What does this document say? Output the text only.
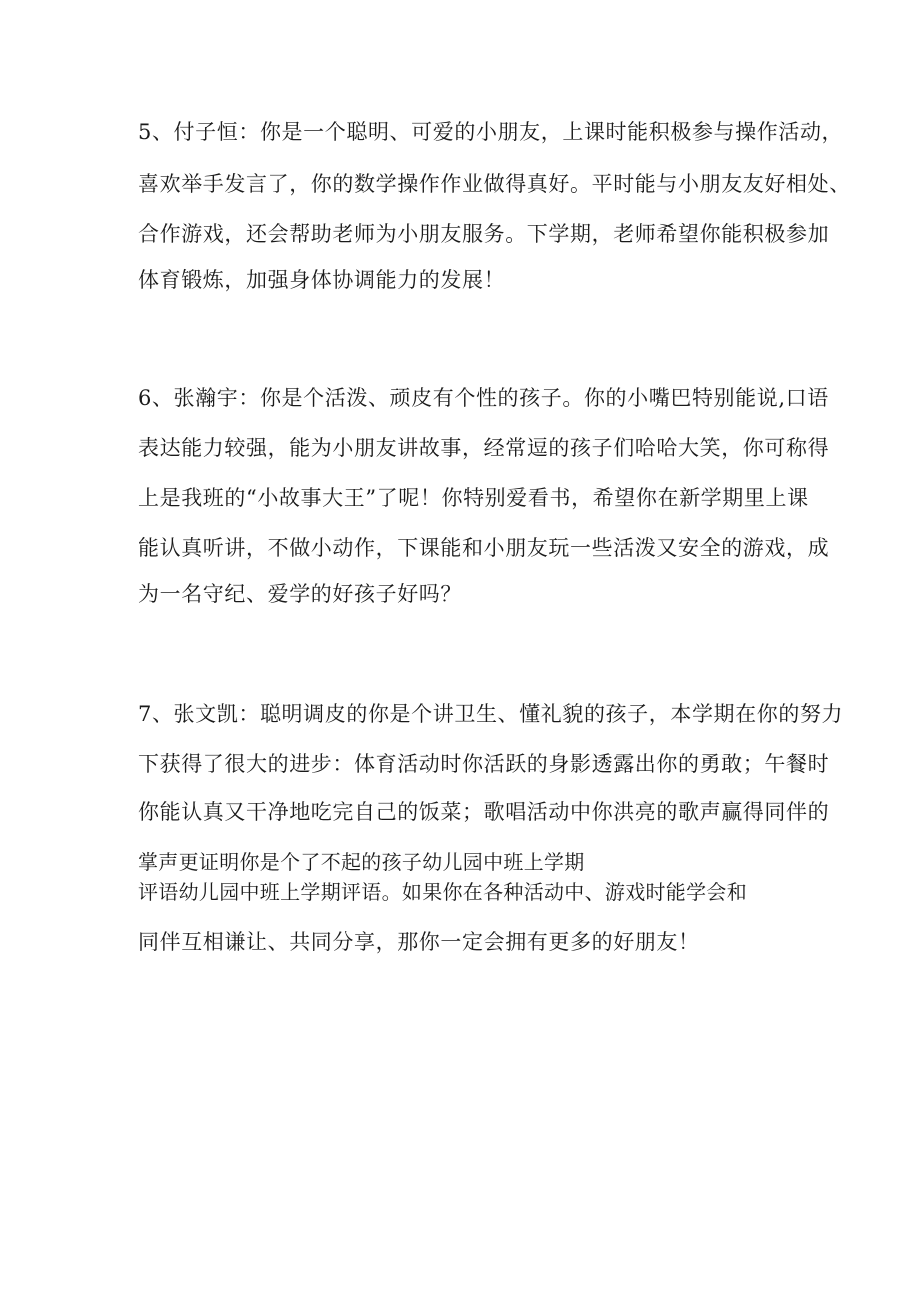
5、付子恒：你是一个聪明、可爱的小朋友，上课时能积极参与操作活动，
喜欢举手发言了，你的数学操作作业做得真好。平时能与小朋友友好相处、
合作游戏，还会帮助老师为小朋友服务。下学期，老师希望你能积极参加
体育锻炼，加强身体协调能力的发展！
6、张瀚宇：你是个活泼、顽皮有个性的孩子。你的小嘴巴特别能说,口语
表达能力较强，能为小朋友讲故事，经常逗的孩子们哈哈大笑，你可称得
上是我班的“小故事大王”了呢！你特别爱看书，希望你在新学期里上课
能认真听讲，不做小动作，下课能和小朋友玩一些活泼又安全的游戏，成
为一名守纪、爱学的好孩子好吗？
7、张文凯：聪明调皮的你是个讲卫生、懂礼貌的孩子，本学期在你的努力
下获得了很大的进步：体育活动时你活跃的身影透露出你的勇敢；午餐时
你能认真又干净地吃完自己的饭菜；歌唱活动中你洪亮的歌声赢得同伴的
掌声更证明你是个了不起的孩子幼儿园中班上学期
评语幼儿园中班上学期评语。如果你在各种活动中、游戏时能学会和
同伴互相谦让、共同分享，那你一定会拥有更多的好朋友！
